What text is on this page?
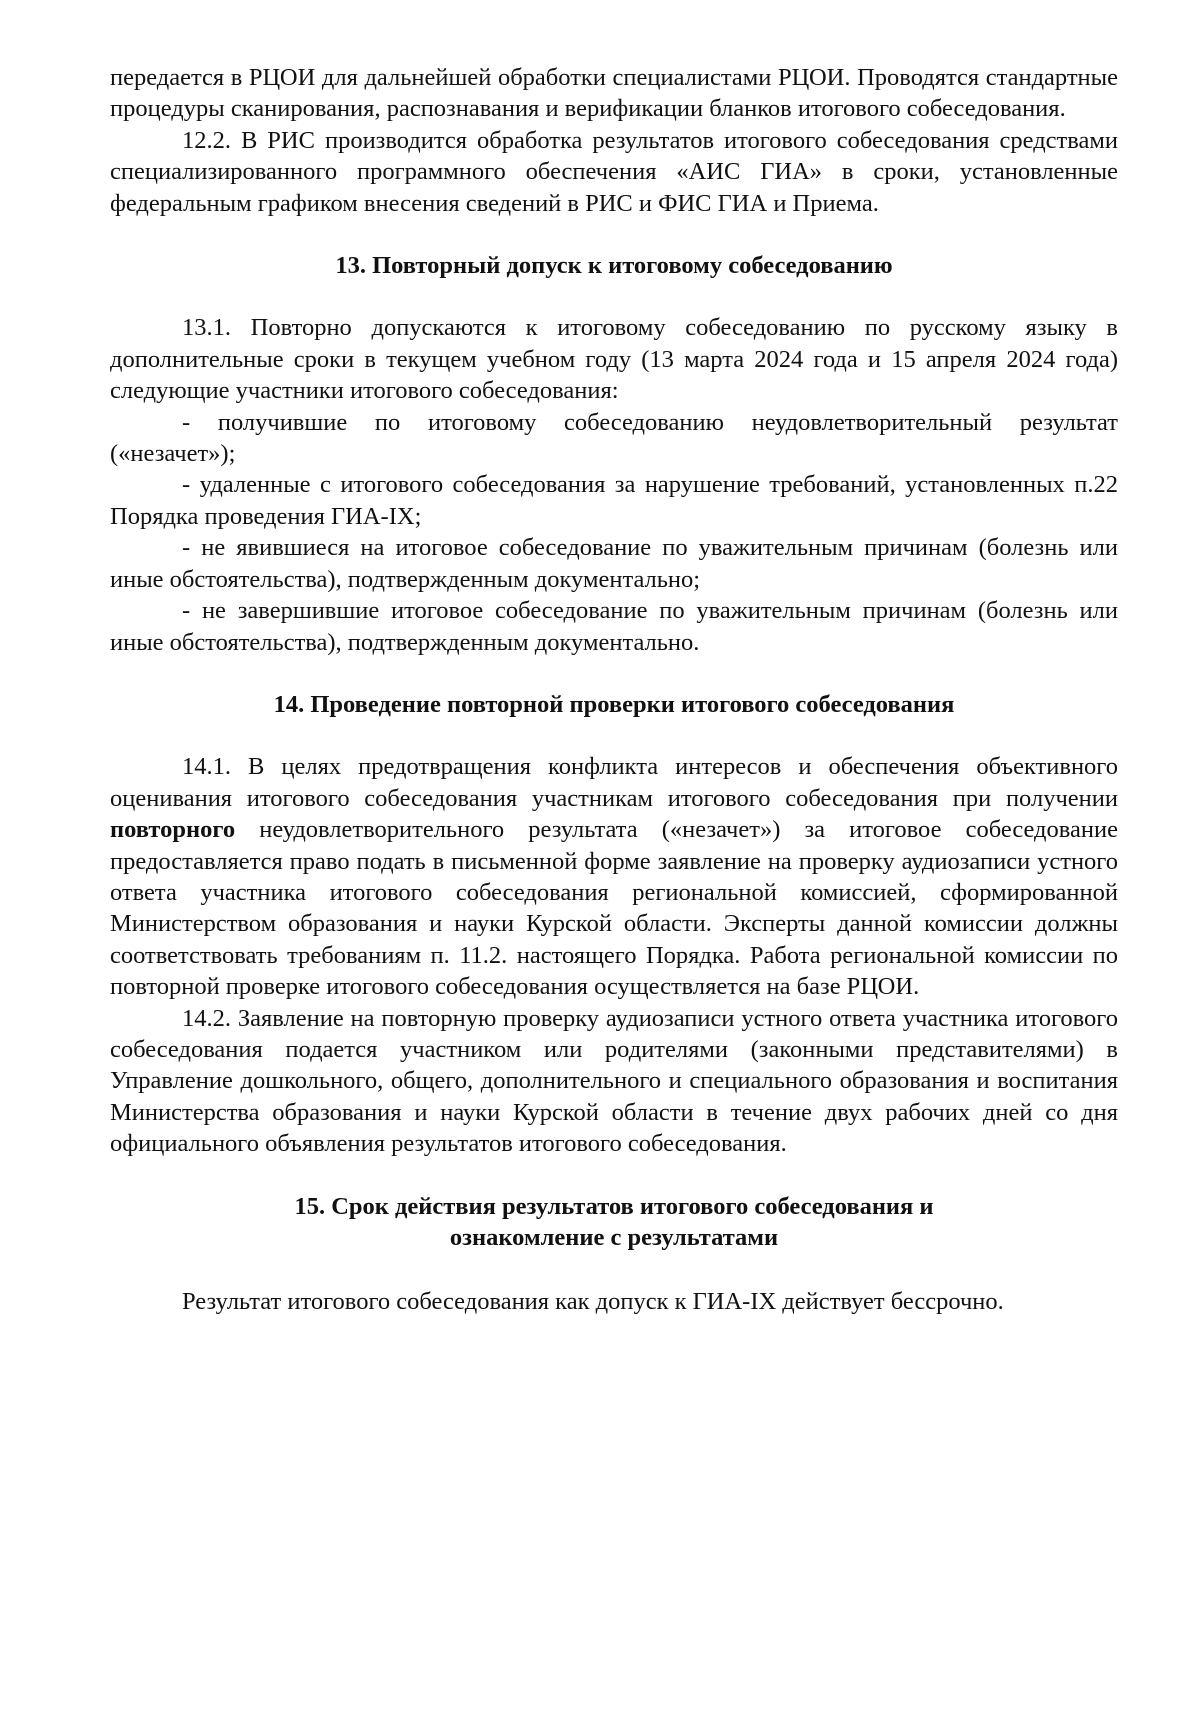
передается в РЦОИ для дальнейшей обработки специалистами РЦОИ. Проводятся стандартные процедуры сканирования, распознавания и верификации бланков итогового собеседования.

12.2. В РИС производится обработка результатов итогового собеседования средствами специализированного программного обеспечения «АИС ГИА» в сроки, установленные федеральным графиком внесения сведений в РИС и ФИС ГИА и Приема.

13. Повторный допуск к итоговому собеседованию

13.1. Повторно допускаются к итоговому собеседованию по русскому языку в дополнительные сроки в текущем учебном году (13 марта 2024 года и 15 апреля 2024 года) следующие участники итогового собеседования:

- получившие по итоговому собеседованию неудовлетворительный результат («незачет»);

- удаленные с итогового собеседования за нарушение требований, установленных п.22 Порядка проведения ГИА-IX;

- не явившиеся на итоговое собеседование по уважительным причинам (болезнь или иные обстоятельства), подтвержденным документально;

- не завершившие итоговое собеседование по уважительным причинам (болезнь или иные обстоятельства), подтвержденным документально.

14. Проведение повторной проверки итогового собеседования

14.1. В целях предотвращения конфликта интересов и обеспечения объективного оценивания итогового собеседования участникам итогового собеседования при получении повторного неудовлетворительного результата («незачет») за итоговое собеседование предоставляется право подать в письменной форме заявление на проверку аудиозаписи устного ответа участника итогового собеседования региональной комиссией, сформированной Министерством образования и науки Курской области. Эксперты данной комиссии должны соответствовать требованиям п. 11.2. настоящего Порядка. Работа региональной комиссии по повторной проверке итогового собеседования осуществляется на базе РЦОИ.

14.2. Заявление на повторную проверку аудиозаписи устного ответа участника итогового собеседования подается участником или родителями (законными представителями) в Управление дошкольного, общего, дополнительного и специального образования и воспитания Министерства образования и науки Курской области в течение двух рабочих дней со дня официального объявления результатов итогового собеседования.

15. Срок действия результатов итогового собеседования и

ознакомление с результатами

Результат итогового собеседования как допуск к ГИА-IX действует бессрочно.
